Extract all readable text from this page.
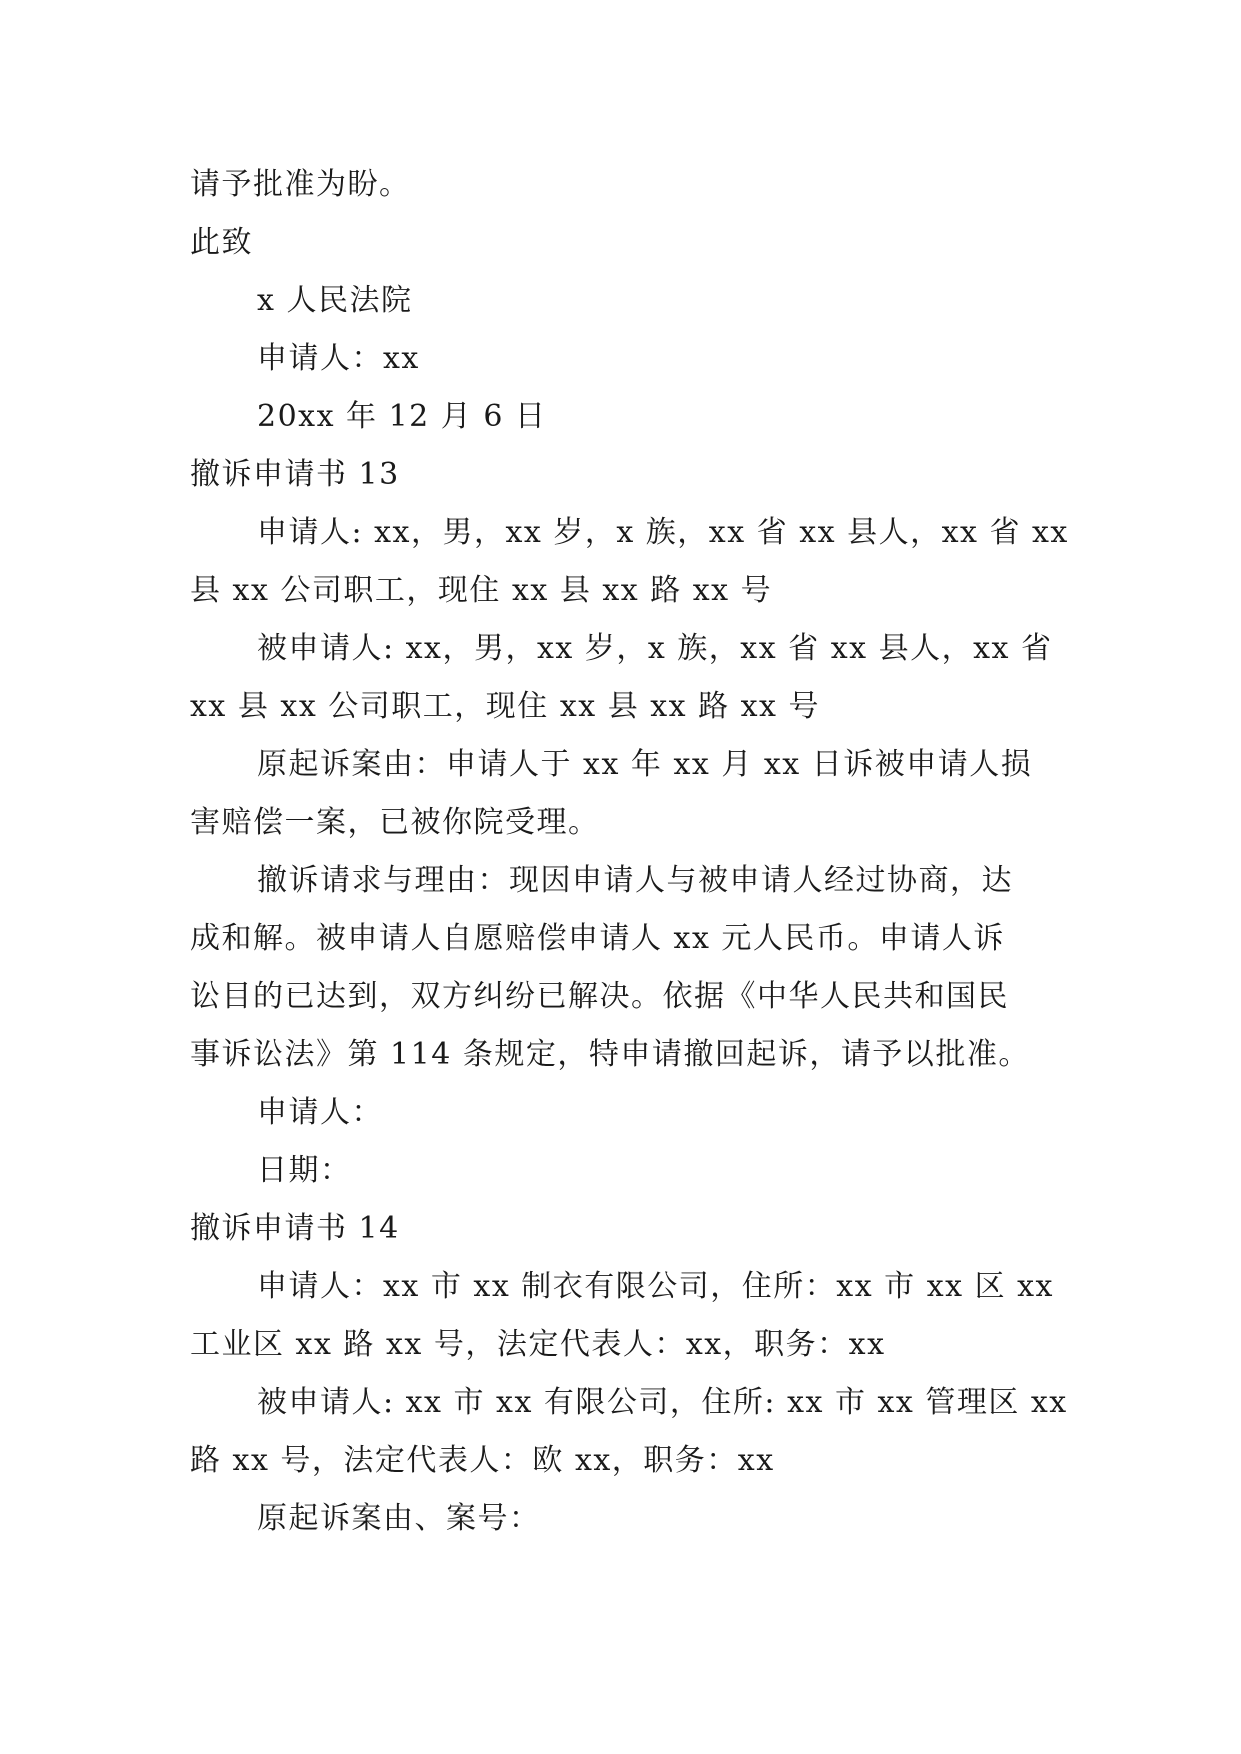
请予批准为盼。

此致

x 人民法院

申请人：xx

20xx 年 12 月 6 日

撤诉申请书 13

申请人: xx，男，xx 岁，x 族，xx 省 xx 县人，xx 省 xx

县 xx 公司职工，现住 xx 县 xx 路 xx 号

被申请人: xx，男，xx 岁，x 族，xx 省 xx 县人，xx 省

xx 县 xx 公司职工，现住 xx 县 xx 路 xx 号

原起诉案由：申请人于 xx 年 xx 月 xx 日诉被申请人损

害赔偿一案，已被你院受理。

撤诉请求与理由：现因申请人与被申请人经过协商，达

成和解。被申请人自愿赔偿申请人 xx 元人民币。申请人诉

讼目的已达到，双方纠纷已解决。依据《中华人民共和国民

事诉讼法》第 114 条规定，特申请撤回起诉，请予以批准。

申请人：

日期：

撤诉申请书 14

申请人：xx 市 xx 制衣有限公司，住所：xx 市 xx 区 xx

工业区 xx 路 xx 号，法定代表人：xx，职务：xx

被申请人: xx 市 xx 有限公司，住所: xx 市 xx 管理区 xx

路 xx 号，法定代表人：欧 xx，职务：xx

原起诉案由、案号：
